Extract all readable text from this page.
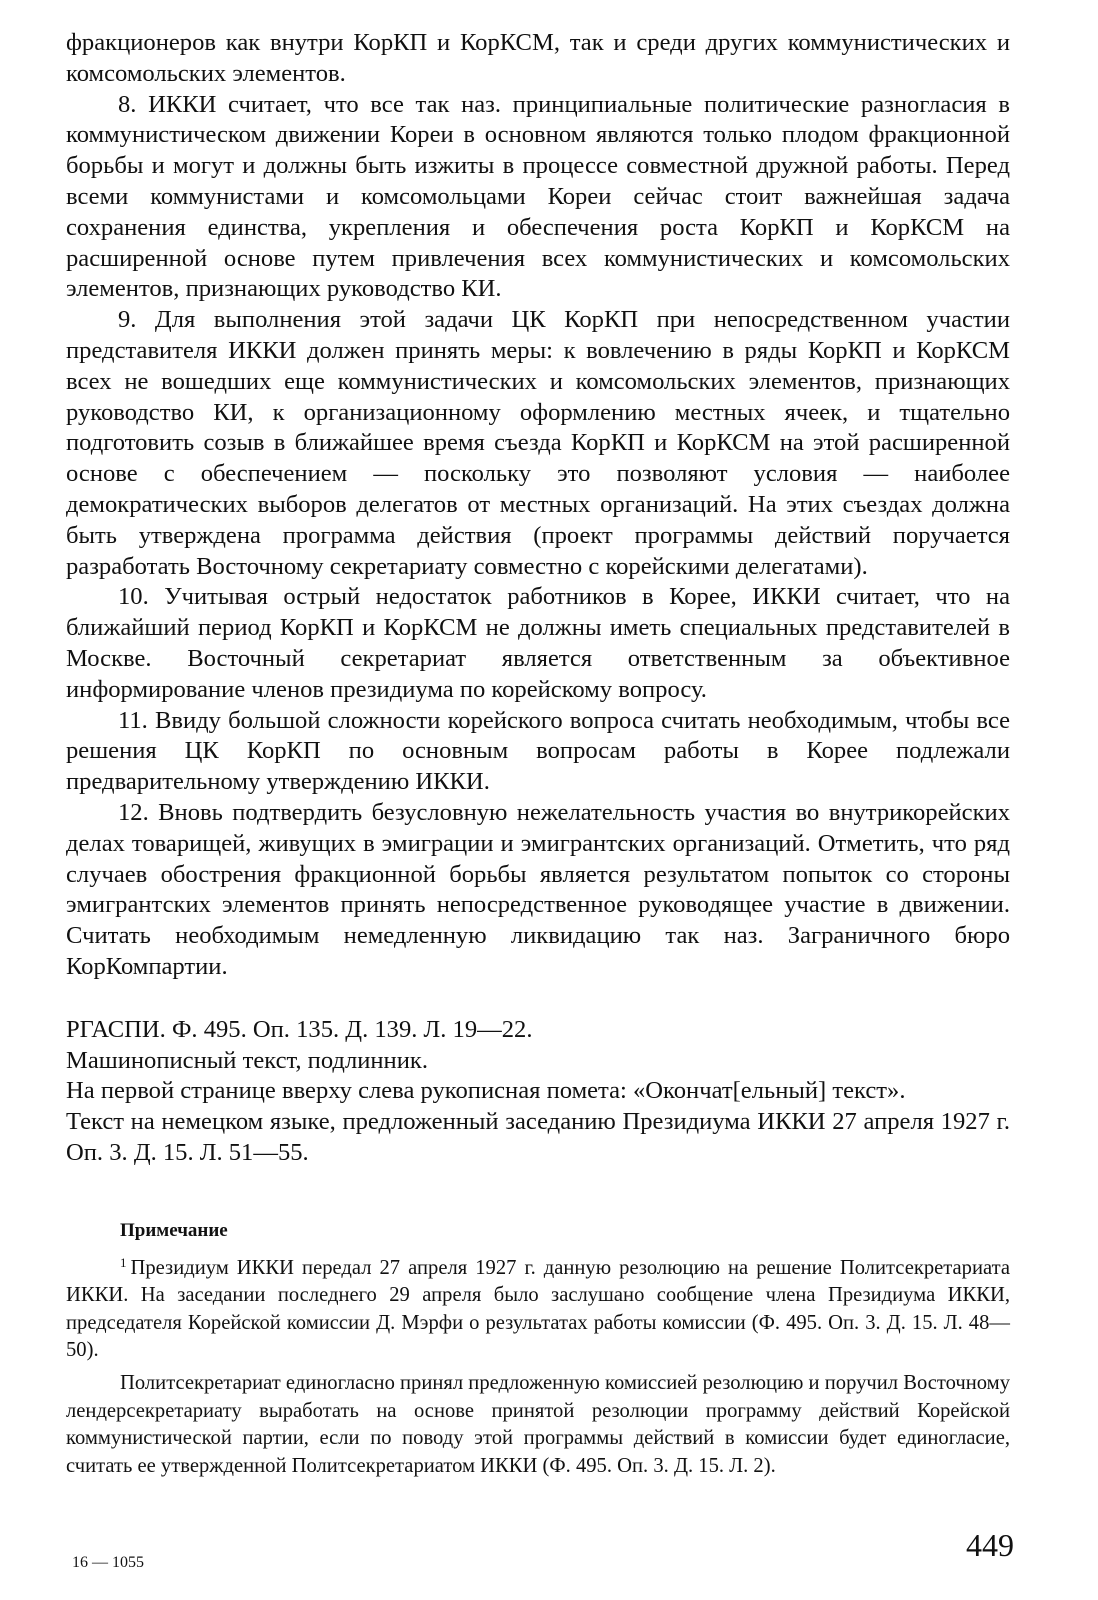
фракционеров как внутри КорКП и КорКСМ, так и среди других коммунистических и комсомольских элементов.

8. ИККИ считает, что все так наз. принципиальные политические разногласия в коммунистическом движении Кореи в основном являются только плодом фракционной борьбы и могут и должны быть изжиты в процессе совместной дружной работы. Перед всеми коммунистами и комсомольцами Кореи сейчас стоит важнейшая задача сохранения единства, укрепления и обеспечения роста КорКП и КорКСМ на расширенной основе путем привлечения всех коммунистических и комсомольских элементов, признающих руководство КИ.

9. Для выполнения этой задачи ЦК КорКП при непосредственном участии представителя ИККИ должен принять меры: к вовлечению в ряды КорКП и КорКСМ всех не вошедших еще коммунистических и комсомольских элементов, признающих руководство КИ, к организационному оформлению местных ячеек, и тщательно подготовить созыв в ближайшее время съезда КорКП и КорКСМ на этой расширенной основе с обеспечением — поскольку это позволяют условия — наиболее демократических выборов делегатов от местных организаций. На этих съездах должна быть утверждена программа действия (проект программы действий поручается разработать Восточному секретариату совместно с корейскими делегатами).

10. Учитывая острый недостаток работников в Корее, ИККИ считает, что на ближайший период КорКП и КорКСМ не должны иметь специальных представителей в Москве. Восточный секретариат является ответственным за объективное информирование членов президиума по корейскому вопросу.

11. Ввиду большой сложности корейского вопроса считать необходимым, чтобы все решения ЦК КорКП по основным вопросам работы в Корее подлежали предварительному утверждению ИККИ.

12. Вновь подтвердить безусловную нежелательность участия во внутрикорейских делах товарищей, живущих в эмиграции и эмигрантских организаций. Отметить, что ряд случаев обострения фракционной борьбы является результатом попыток со стороны эмигрантских элементов принять непосредственное руководящее участие в движении. Считать необходимым немедленную ликвидацию так наз. Заграничного бюро КорКомпартии.

РГАСПИ. Ф. 495. Оп. 135. Д. 139. Л. 19—22.
Машинописный текст, подлинник.
На первой странице вверху слева рукописная помета: «Окончат[ельный] текст».
Текст на немецком языке, предложенный заседанию Президиума ИККИ 27 апреля 1927 г. Оп. 3. Д. 15. Л. 51—55.
Примечание

$^1$ Президиум ИККИ передал 27 апреля 1927 г. данную резолюцию на решение Политсекретариата ИККИ. На заседании последнего 29 апреля было заслушано сообщение члена Президиума ИККИ, председателя Корейской комиссии Д. Мэрфи о результатах работы комиссии (Ф. 495. Оп. 3. Д. 15. Л. 48—50).

Политсекретариат единогласно принял предложенную комиссией резолюцию и поручил Восточному лендерсекретариату выработать на основе принятой резолюции программу действий Корейской коммунистической партии, если по поводу этой программы действий в комиссии будет единогласие, считать ее утвержденной Политсекретариатом ИККИ (Ф. 495. Оп. 3. Д. 15. Л. 2).

16 — 1055	449
